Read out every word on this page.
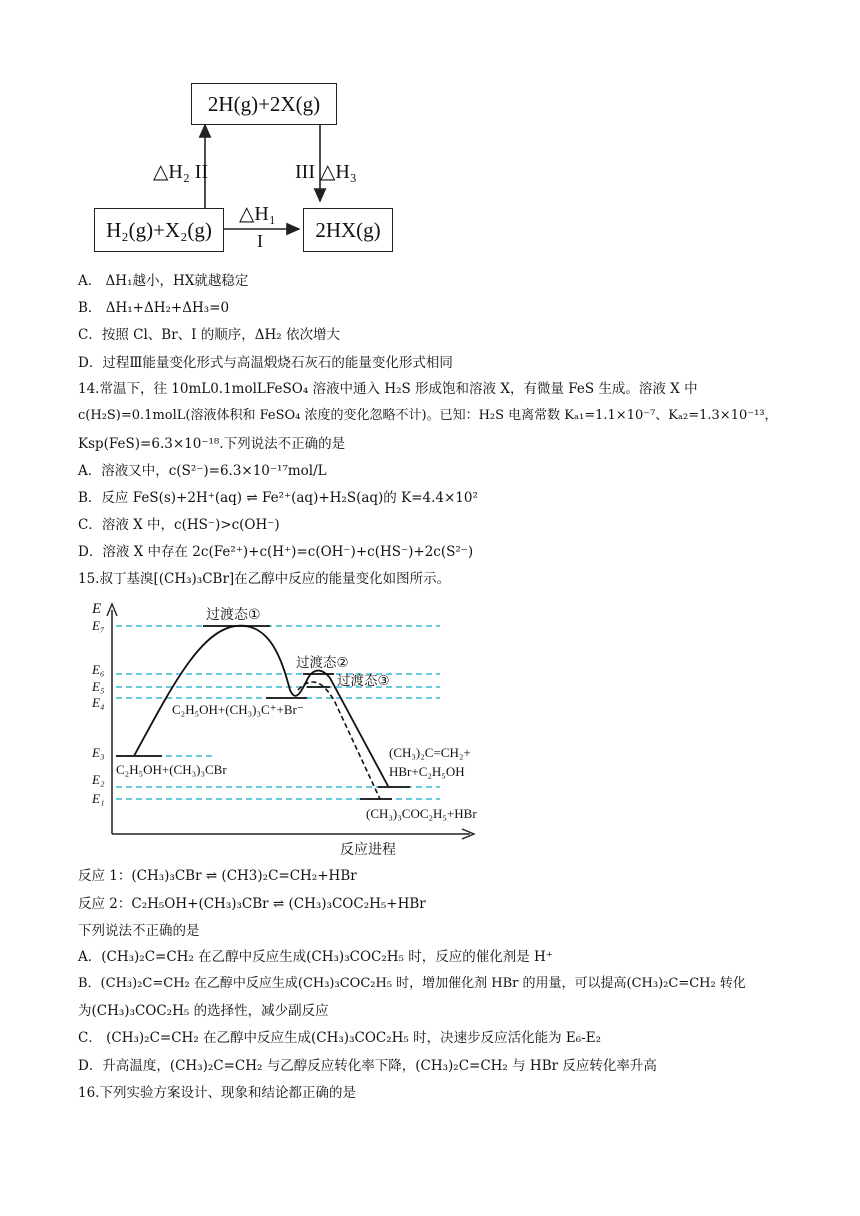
2H(g)+2X(g)
H₂(g)+X₂(g)	2HX(g)
△H₂ II	III △H₃
△H₁
I
A． ΔH₁越小，HX就越稳定
B． ΔH₁+ΔH₂+ΔH₃=0
C．按照 Cl、Br、I 的顺序，ΔH₂ 依次增大
D．过程Ⅲ能量变化形式与高温煅烧石灰石的能量变化形式相同
14.常温下，往 10mL0.1molLFeSO₄ 溶液中通入 H₂S 形成饱和溶液 X，有微量 FeS 生成。溶液 X 中
c(H₂S)=0.1molL(溶液体积和 FeSO₄ 浓度的变化忽略不计)。已知：H₂S 电离常数 Kₐ₁=1.1×10⁻⁷、Kₐ₂=1.3×10⁻¹³，
Ksp(FeS)=6.3×10⁻¹⁸.下列说法不正确的是
A．溶液又中，c(S²⁻)=6.3×10⁻¹⁷mol/L
B．反应 FeS(s)+2H⁺(aq) ⇌ Fe²⁺(aq)+H₂S(aq)的 K=4.4×10²
C．溶液 X 中，c(HS⁻)>c(OH⁻)
D．溶液 X 中存在 2c(Fe²⁺)+c(H⁺)=c(OH⁻)+c(HS⁻)+2c(S²⁻)
15.叔丁基溴[(CH₃)₃CBr]在乙醇中反应的能量变化如图所示。
E
E₇
E₆
E₅
E₄
E₃
E₂
E₁
过渡态①
过渡态②
过渡态③
C₂H₅OH+(CH₃)₃C⁺+Br⁻
C₂H₅OH+(CH₃)₃CBr
(CH₃)₂C=CH₂+
HBr+C₂H₅OH
(CH₃)₃COC₂H₅+HBr
反应进程
反应 1：(CH₃)₃CBr ⇌ (CH3)₂C=CH₂+HBr
反应 2：C₂H₅OH+(CH₃)₃CBr ⇌ (CH₃)₃COC₂H₅+HBr
下列说法不正确的是
A．(CH₃)₂C=CH₂ 在乙醇中反应生成(CH₃)₃COC₂H₅ 时，反应的催化剂是 H⁺
B．(CH₃)₂C=CH₂ 在乙醇中反应生成(CH₃)₃COC₂H₅ 时，增加催化剂 HBr 的用量，可以提高(CH₃)₂C=CH₂ 转化
为(CH₃)₃COC₂H₅ 的选择性，减少副反应
C． (CH₃)₂C=CH₂ 在乙醇中反应生成(CH₃)₃COC₂H₅ 时，决速步反应活化能为 E₆-E₂
D．升高温度，(CH₃)₂C=CH₂ 与乙醇反应转化率下降，(CH₃)₂C=CH₂ 与 HBr 反应转化率升高
16.下列实验方案设计、现象和结论都正确的是
